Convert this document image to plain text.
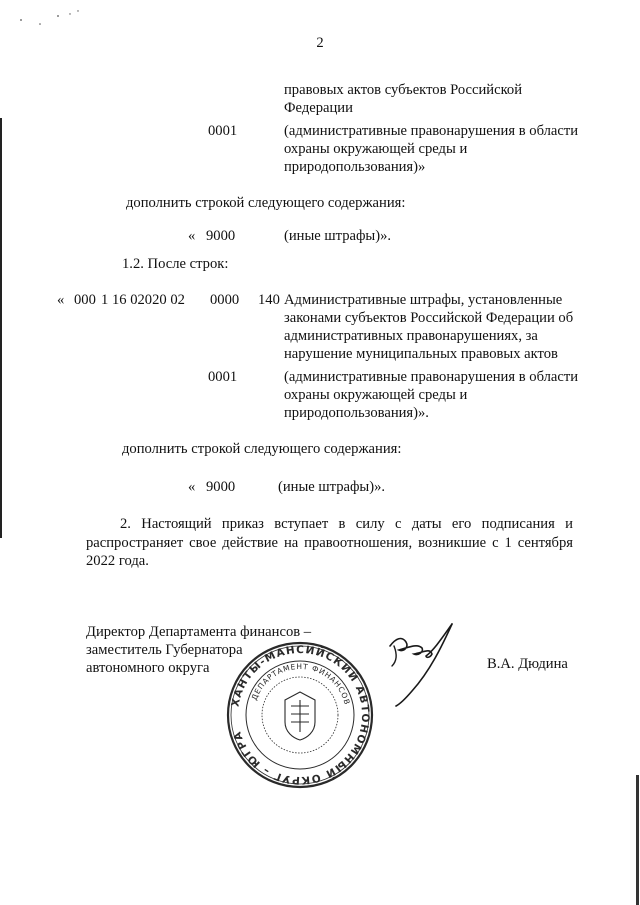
2
правовых актов субъектов Российской
Федерации
0001	(административные правонарушения в области
охраны окружающей среды и
природопользования)»
дополнить строкой следующего содержания:
« 9000	(иные штрафы)».
1.2. После строк:
« 000 1 16 02020 02 0000 140 Административные штрафы, установленные
законами субъектов Российской Федерации об
административных правонарушениях, за
нарушение муниципальных правовых актов
0001	(административные правонарушения в области
охраны окружающей среды и
природопользования)».
дополнить строкой следующего содержания:
« 9000	(иные штрафы)».
2. Настоящий приказ вступает в силу с даты его подписания и распространяет свое действие на правоотношения, возникшие с 1 сентября 2022 года.
Директор Департамента финансов –
заместитель Губернатора
автономного округа	В.А. Дюдина
ХАНТЫ-МАНСИЙСКИЙ АВТОНОМНЫЙ ОКРУГ – ЮГРА
ДЕПАРТАМЕНТ ФИНАНСОВ
